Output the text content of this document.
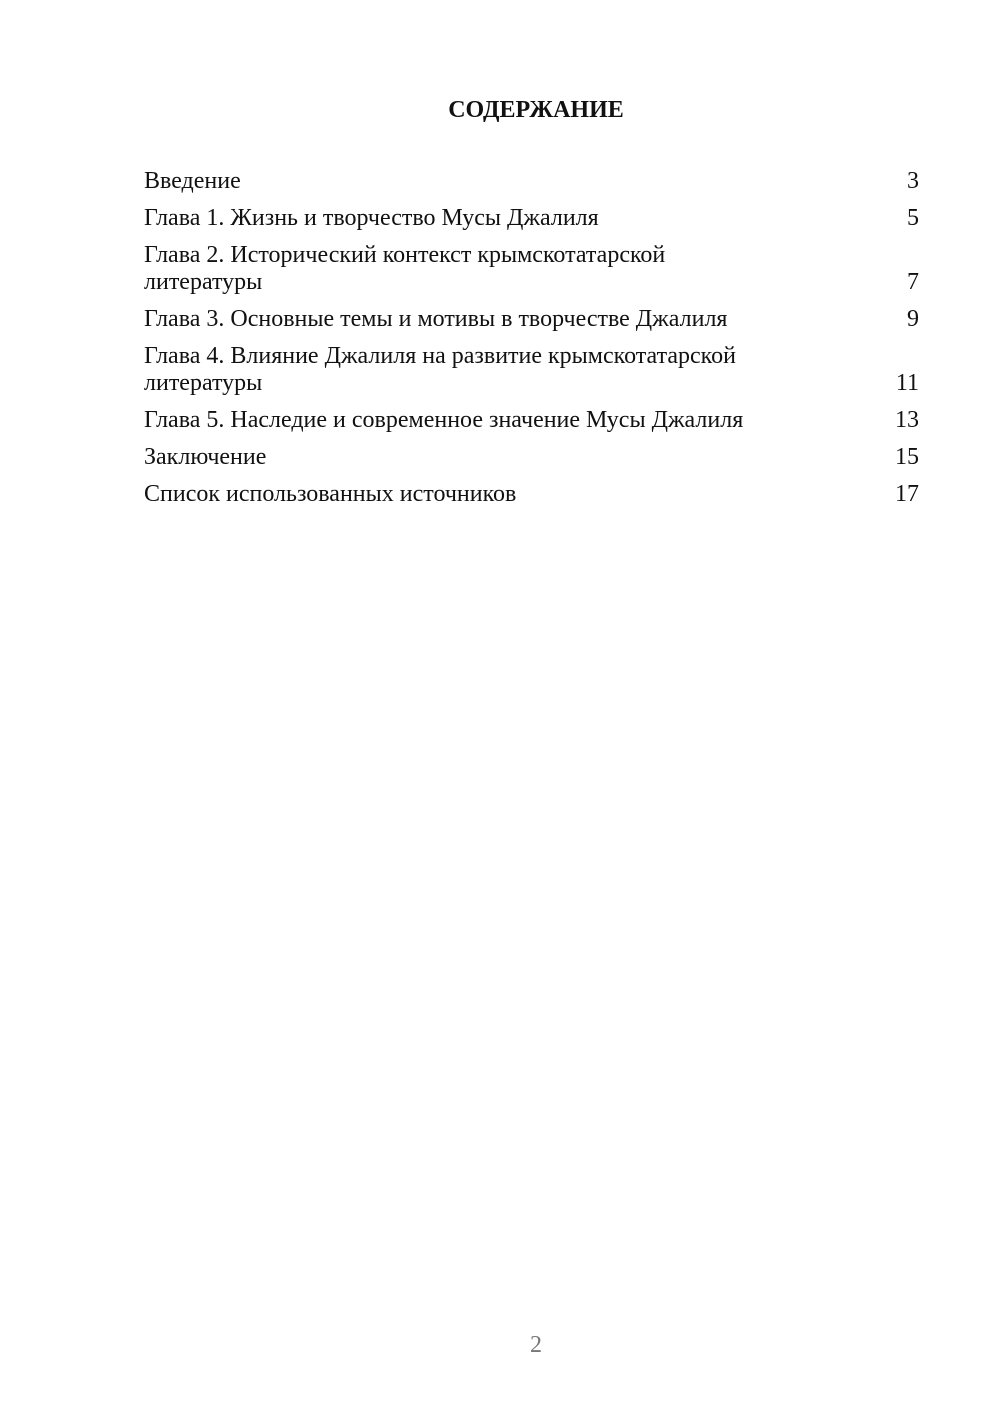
СОДЕРЖАНИЕ
Введение	3
Глава 1. Жизнь и творчество Мусы Джалиля	5
Глава 2. Исторический контекст крымскотатарской литературы	7
Глава 3. Основные темы и мотивы в творчестве Джалиля	9
Глава 4. Влияние Джалиля на развитие крымскотатарской литературы	11
Глава 5. Наследие и современное значение Мусы Джалиля	13
Заключение	15
Список использованных источников	17
2
